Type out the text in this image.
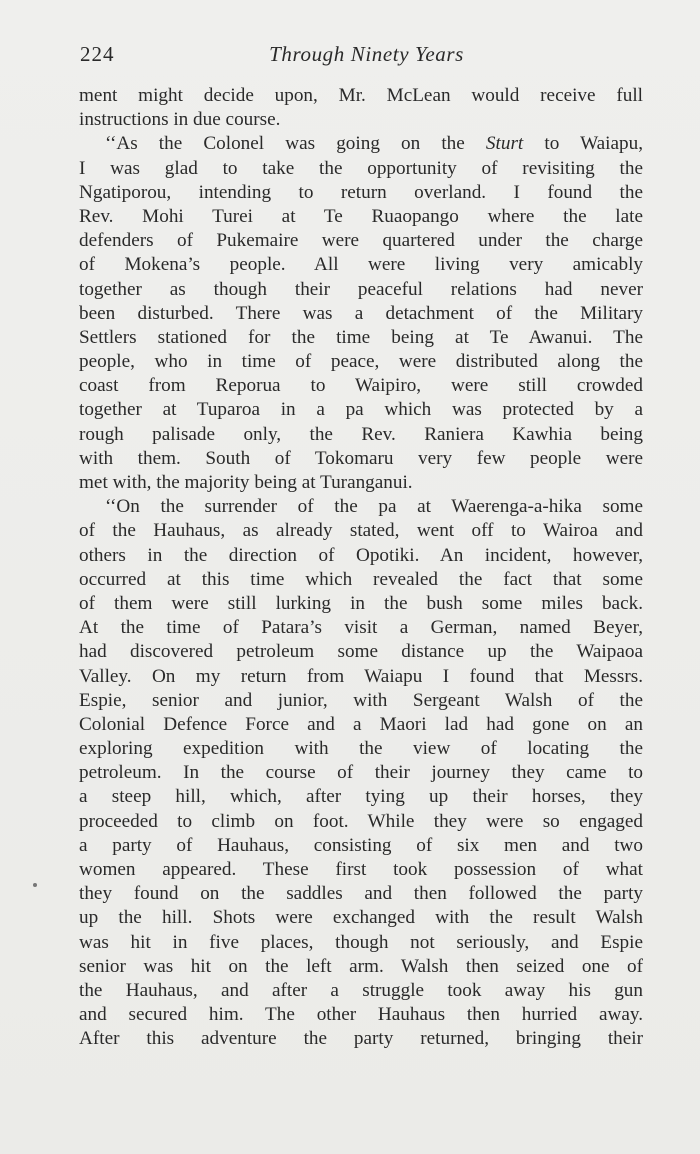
224	Through Ninety Years
ment might decide upon, Mr. McLean would receive full
instructions in due course.
‘‘As the Colonel was going on the Sturt to Waiapu,
I was glad to take the opportunity of revisiting the
Ngatiporou, intending to return overland. I found the
Rev. Mohi Turei at Te Ruaopango where the late
defenders of Pukemaire were quartered under the charge
of Mokena’s people. All were living very amicably
together as though their peaceful relations had never
been disturbed. There was a detachment of the Military
Settlers stationed for the time being at Te Awanui. The
people, who in time of peace, were distributed along the
coast from Reporua to Waipiro, were still crowded
together at Tuparoa in a pa which was protected by a
rough palisade only, the Rev. Raniera Kawhia being
with them. South of Tokomaru very few people were
met with, the majority being at Turanganui.
‘‘On the surrender of the pa at Waerenga-a-hika some
of the Hauhaus, as already stated, went off to Wairoa and
others in the direction of Opotiki. An incident, however,
occurred at this time which revealed the fact that some
of them were still lurking in the bush some miles back.
At the time of Patara’s visit a German, named Beyer,
had discovered petroleum some distance up the Waipaoa
Valley. On my return from Waiapu I found that Messrs.
Espie, senior and junior, with Sergeant Walsh of the
Colonial Defence Force and a Maori lad had gone on an
exploring expedition with the view of locating the
petroleum. In the course of their journey they came to
a steep hill, which, after tying up their horses, they
proceeded to climb on foot. While they were so engaged
a party of Hauhaus, consisting of six men and two
women appeared. These first took possession of what
they found on the saddles and then followed the party
up the hill. Shots were exchanged with the result Walsh
was hit in five places, though not seriously, and Espie
senior was hit on the left arm. Walsh then seized one of
the Hauhaus, and after a struggle took away his gun
and secured him. The other Hauhaus then hurried away.
After this adventure the party returned, bringing their
